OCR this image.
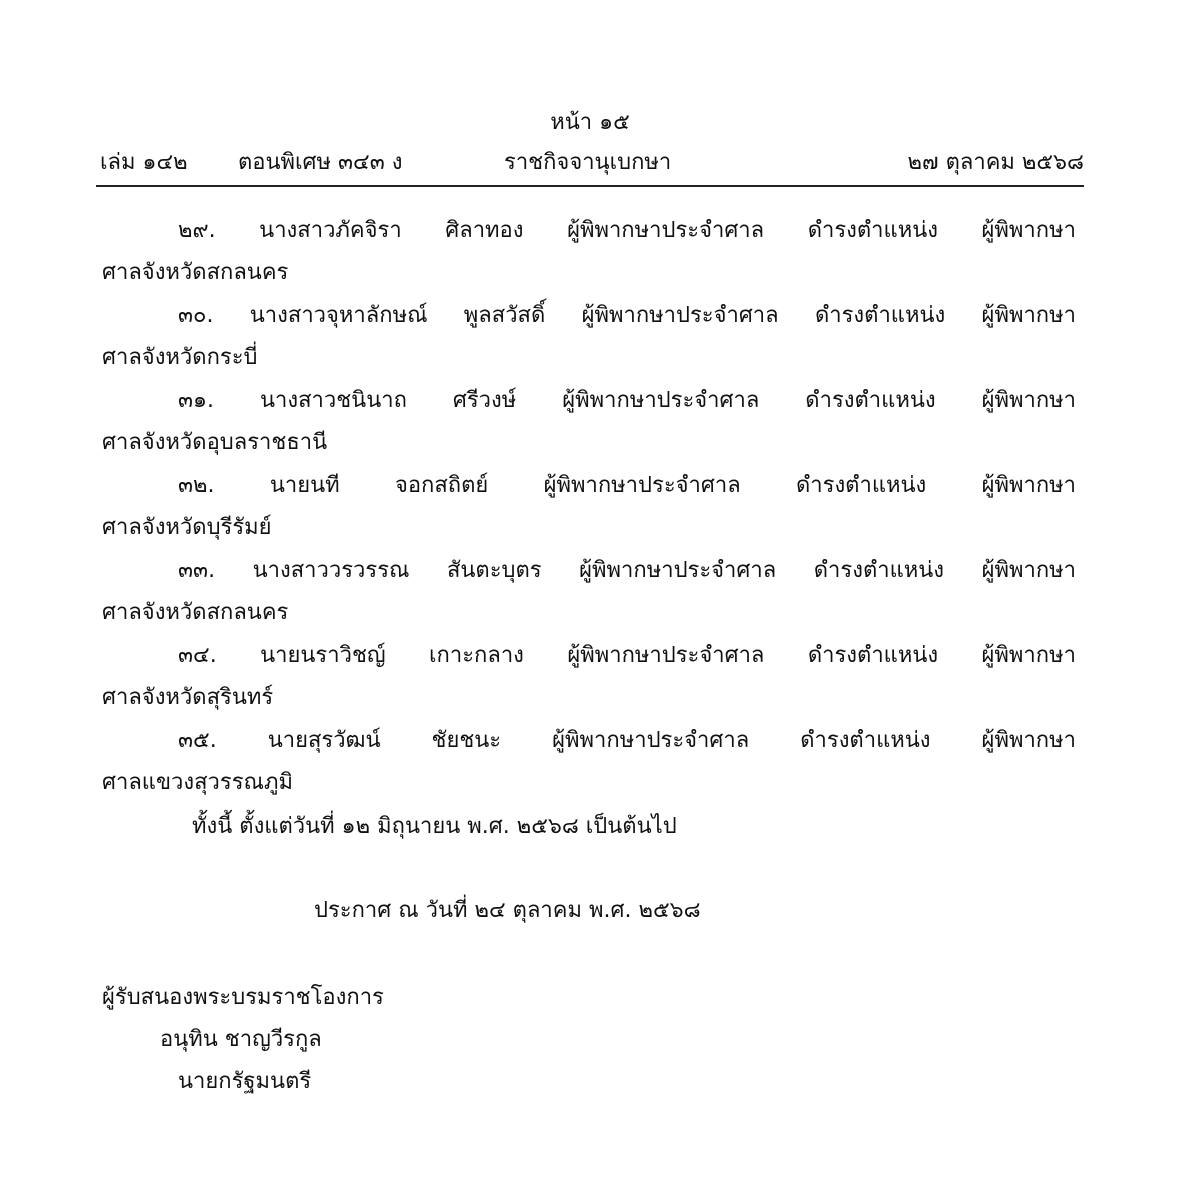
หน้า ๑๕
เล่ม ๑๔๒ ตอนพิเศษ ๓๔๓ ง	ราชกิจจานุเบกษา	๒๗ ตุลาคม ๒๕๖๘
๒๙. นางสาวภัคจิรา ศิลาทอง ผู้พิพากษาประจำศาล ดำรงตำแหน่ง ผู้พิพากษา
ศาลจังหวัดสกลนคร
๓๐. นางสาวจุหาลักษณ์ พูลสวัสดิ์ ผู้พิพากษาประจำศาล ดำรงตำแหน่ง ผู้พิพากษา
ศาลจังหวัดกระบี่
๓๑. นางสาวชนินาถ ศรีวงษ์ ผู้พิพากษาประจำศาล ดำรงตำแหน่ง ผู้พิพากษา
ศาลจังหวัดอุบลราชธานี
๓๒.	นายนที จอกสถิตย์	ผู้พิพากษาประจำศาล	ดำรงตำแหน่ง ผู้พิพากษา
ศาลจังหวัดบุรีรัมย์
๓๓. นางสาววรวรรณ สันตะบุตร ผู้พิพากษาประจำศาล ดำรงตำแหน่ง ผู้พิพากษา
ศาลจังหวัดสกลนคร
๓๔. นายนราวิชญ์ เกาะกลาง ผู้พิพากษาประจำศาล ดำรงตำแหน่ง ผู้พิพากษา
ศาลจังหวัดสุรินทร์
๓๕. นายสุรวัฒน์ ชัยชนะ ผู้พิพากษาประจำศาล ดำรงตำแหน่ง ผู้พิพากษา
ศาลแขวงสุวรรณภูมิ
ทั้งนี้ ตั้งแต่วันที่ ๑๒ มิถุนายน พ.ศ. ๒๕๖๘ เป็นต้นไป
ประกาศ ณ วันที่ ๒๔ ตุลาคม พ.ศ. ๒๕๖๘
ผู้รับสนองพระบรมราชโองการ
อนุทิน ชาญวีรกูล
นายกรัฐมนตรี
